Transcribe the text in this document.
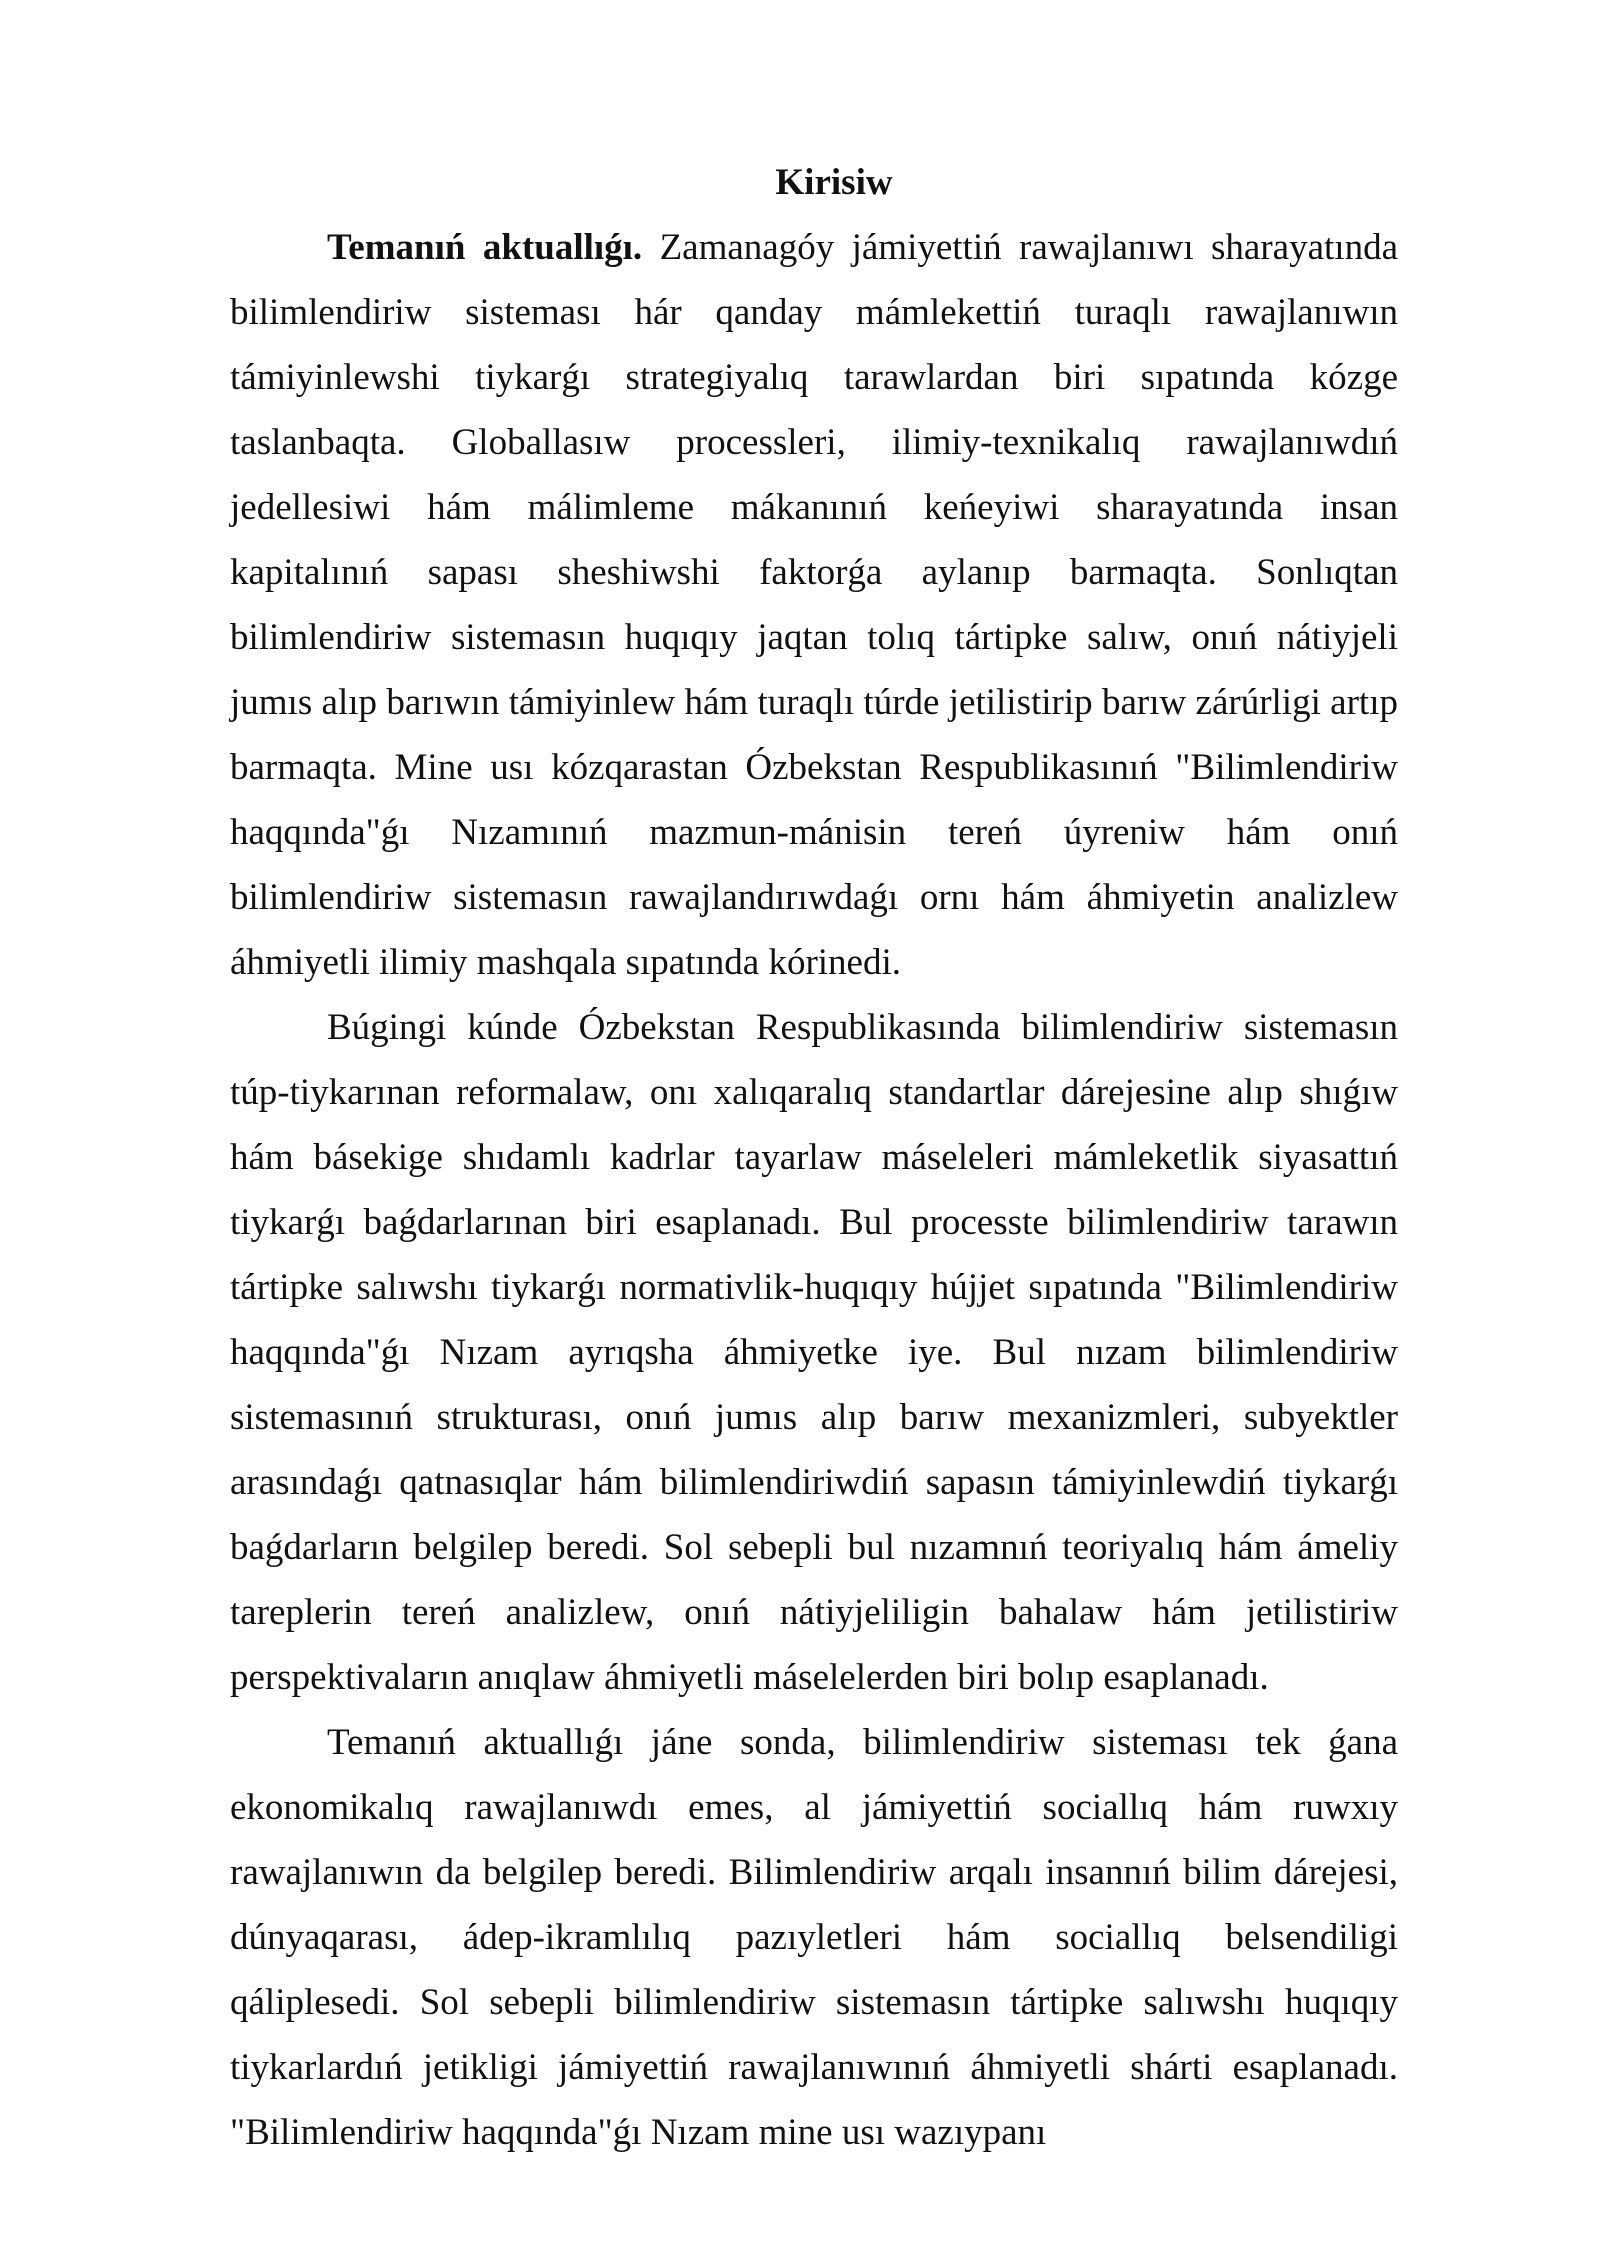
Kirisiw

Temanıń aktuallıǵı. Zamanagóy jámiyettiń rawajlanıwı sharayatında bilimlendiriw sisteması hár qanday mámlekettiń turaqlı rawajlanıwın támiyinlewshi tiykarǵı strategiyalıq tarawlardan biri sıpatında kózge taslanbaqta. Globallasıw processleri, ilimiy-texnikalıq rawajlanıwdıń jedellesiwi hám málimleme mákanınıń keńeyiwi sharayatında insan kapitalınıń sapası sheshiwshi faktorǵa aylanıp barmaqta. Sonlıqtan bilimlendiriw sistemasın huqıqıy jaqtan tolıq tártipke salıw, onıń nátiyjeli jumıs alıp barıwın támiyinlew hám turaqlı túrde jetilistirip barıw zárúrligi artıp barmaqta. Mine usı kózqarastan Ózbekstan Respublikasınıń "Bilimlendiriw haqqında"ǵı Nızamınıń mazmun-mánisin tereń úyreniw hám onıń bilimlendiriw sistemasın rawajlandırıwdaǵı ornı hám áhmiyetin analizlew áhmiyetli ilimiy mashqala sıpatında kórinedi.

Búgingi kúnde Ózbekstan Respublikasında bilimlendiriw sistemasın túp-tiykarınan reformalaw, onı xalıqaralıq standartlar dárejesine alıp shıǵıw hám básekige shıdamlı kadrlar tayarlaw máseleleri mámleketlik siyasattıń tiykarǵı baǵdarlarınan biri esaplanadı. Bul processte bilimlendiriw tarawın tártipke salıwshı tiykarǵı normativlik-huqıqıy hújjet sıpatında "Bilimlendiriw haqqında"ǵı Nızam ayrıqsha áhmiyetke iye. Bul nızam bilimlendiriw sistemasınıń strukturası, onıń jumıs alıp barıw mexanizmleri, subyektler arasındaǵı qatnasıqlar hám bilimlendiriwdiń sapasın támiyinlewdiń tiykarǵı baǵdarların belgilep beredi. Sol sebepli bul nızamnıń teoriyalıq hám ámeliy tareplerin tereń analizlew, onıń nátiyjeliligin bahalaw hám jetilistiriw perspektivaların anıqlaw áhmiyetli máselelerden biri bolıp esaplanadı.

Temanıń aktuallıǵı jáne sonda, bilimlendiriw sisteması tek ǵana ekonomikalıq rawajlanıwdı emes, al jámiyettiń sociallıq hám ruwxıy rawajlanıwın da belgilep beredi. Bilimlendiriw arqalı insannıń bilim dárejesi, dúnyaqarası, ádep-ikramlılıq pazıyletleri hám sociallıq belsendiligi qáliplesedi. Sol sebepli bilimlendiriw sistemasın tártipke salıwshı huqıqıy tiykarlardıń jetikligi jámiyettiń rawajlanıwınıń áhmiyetli shárti esaplanadı. "Bilimlendiriw haqqında"ǵı Nızam mine usı wazıypanı
